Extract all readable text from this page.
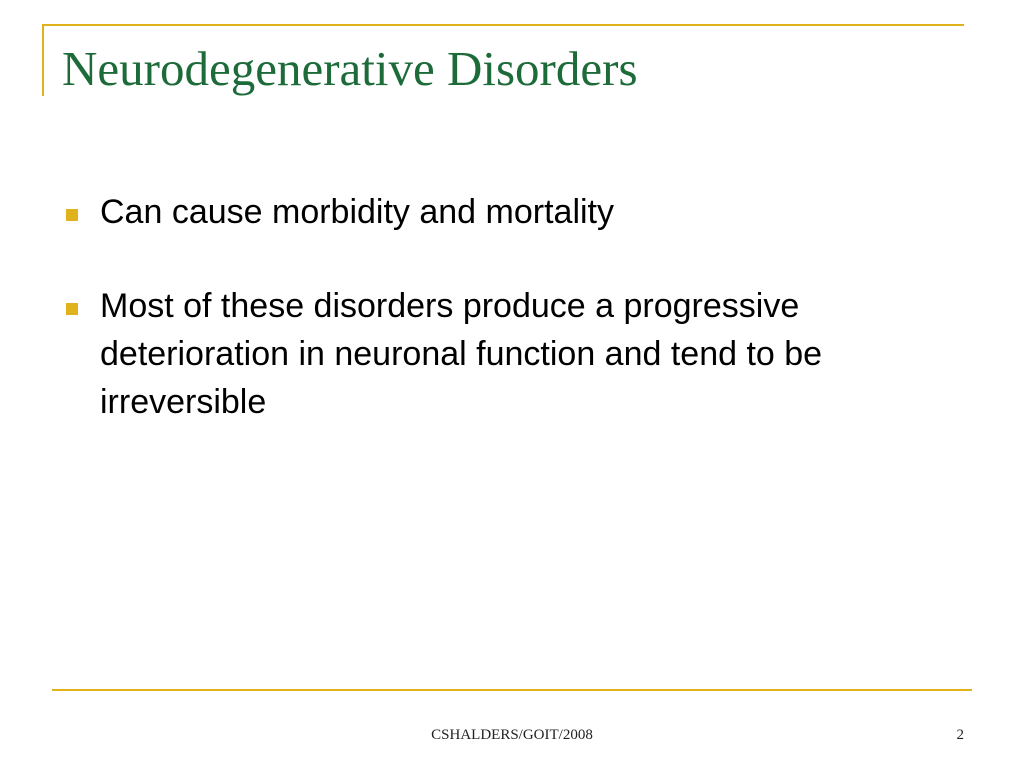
Neurodegenerative Disorders
Can cause morbidity and mortality
Most of these disorders produce a progressive deterioration in neuronal function and tend to be irreversible
CSHALDERS/GOIT/2008	2
